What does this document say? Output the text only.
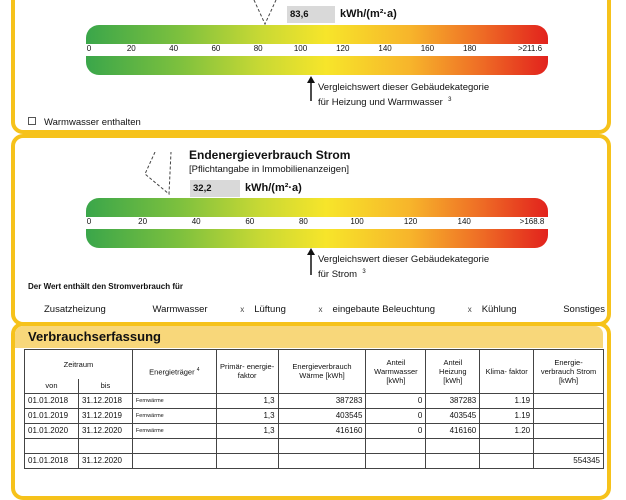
83,6	kWh/(m²·a)
0	20	40	60	80	100	120	140	160	180	>211.6
Vergleichswert dieser Gebäudekategorie
für Heizung und Warmwasser $^3$
Warmwasser enthalten
Endenergieverbrauch Strom
[Pflichtangabe in Immobilienanzeigen]
32,2	kWh/(m²·a)
0	20	40	60	80	100	120	140	>168.8
Vergleichswert dieser Gebäudekategorie
für Strom $^3$
Der Wert enthält den Stromverbrauch für
Zusatzheizung	Warmwasser	x Lüftung	x eingebaute Beleuchtung	x Kühlung	Sonstiges
Verbrauchserfassung
Zeitraum		Energieträger $^4$	Primär- energie- faktor	Energieverbrauch Wärme [kWh]	Anteil Warmwasser [kWh]	Anteil Heizung [kWh]	Klima- faktor	Energie- verbrauch Strom [kWh]
von	bis							
01.01.2018	31.12.2018	Fernwärme	1,3	387283	0	387283	1.19	
01.01.2019	31.12.2019	Fernwärme	1,3	403545	0	403545	1.19	
01.01.2020	31.12.2020	Fernwärme	1,3	416160	0	416160	1.20	

01.01.2018	31.12.2020							554345
